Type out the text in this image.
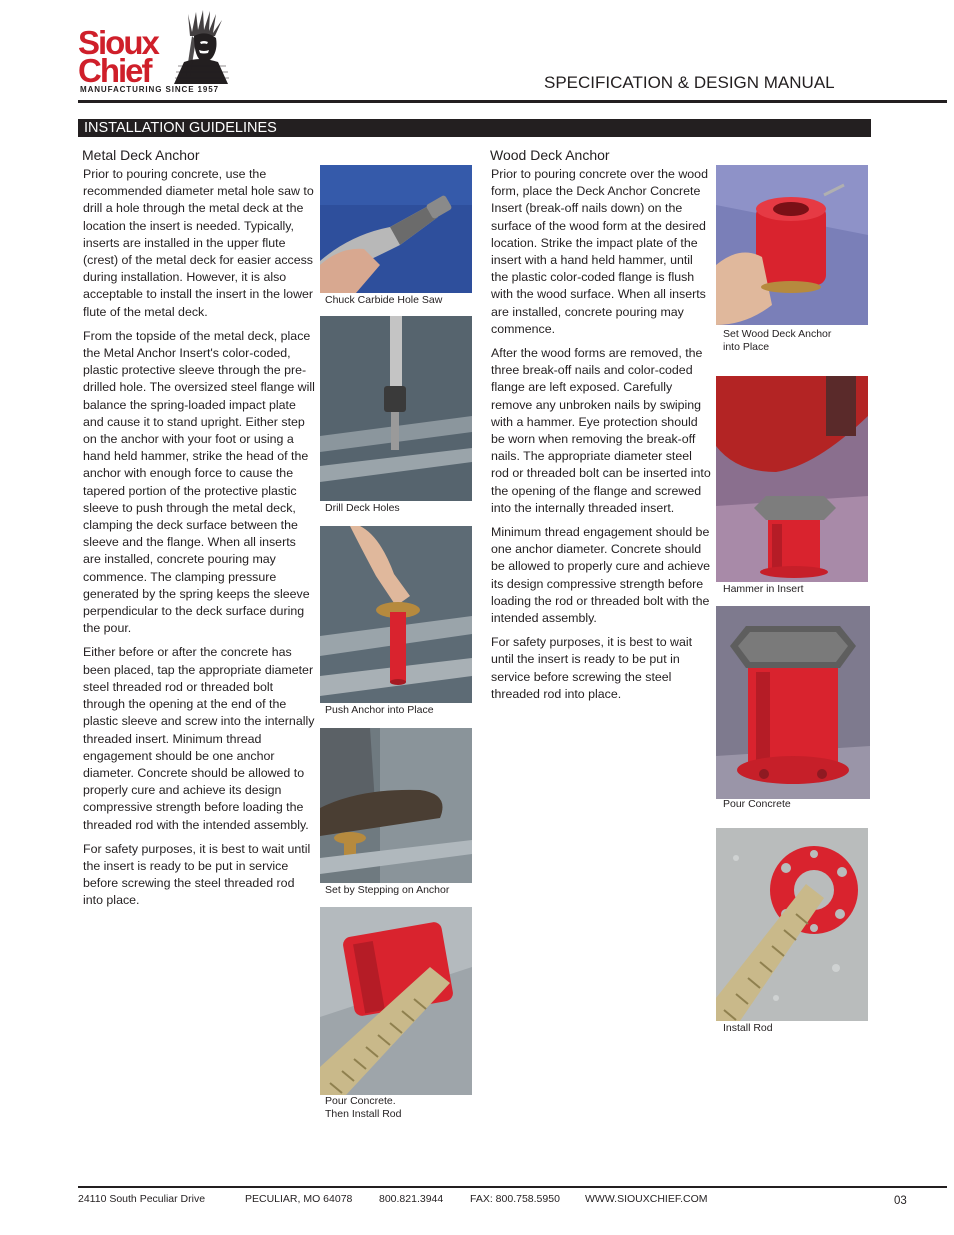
Sioux
Chief
MANUFACTURING SINCE 1957	SPECIFICATION & DESIGN MANUAL
INSTALLATION GUIDELINES
Metal Deck Anchor

Prior to pouring concrete, use the recommended diameter metal hole saw to drill a hole through the metal deck at the location the insert is needed. Typically, inserts are installed in the upper flute (crest) of the metal deck for easier access during installation. However, it is also acceptable to install the insert in the lower flute of the metal deck.

From the topside of the metal deck, place the Metal Anchor Insert's color-coded, plastic protective sleeve through the pre-drilled hole. The oversized steel flange will balance the spring-loaded impact plate and cause it to stand upright. Either step on the anchor with your foot or using a hand held hammer, strike the head of the anchor with enough force to cause the tapered portion of the protective plastic sleeve to push through the metal deck, clamping the deck surface between the sleeve and the flange. When all inserts are installed, concrete pouring may commence. The clamping pressure generated by the spring keeps the sleeve perpendicular to the deck surface during the pour.

Either before or after the concrete has been placed, tap the appropriate diameter steel threaded rod or threaded bolt through the opening at the end of the plastic sleeve and screw into the internally threaded insert. Minimum thread engagement should be one anchor diameter. Concrete should be allowed to properly cure and achieve its design compressive strength before loading the threaded rod with the intended assembly.

For safety purposes, it is best to wait until the insert is ready to be put in service before screwing the steel threaded rod into place.

Chuck Carbide Hole Saw
Drill Deck Holes
Push Anchor into Place
Set by Stepping on Anchor
Pour Concrete.
Then Install Rod
Wood Deck Anchor

Prior to pouring concrete over the wood form, place the Deck Anchor Concrete Insert (break-off nails down) on the surface of the wood form at the desired location. Strike the impact plate of the insert with a hand held hammer, until the plastic color-coded flange is flush with the wood surface. When all inserts are installed, concrete pouring may commence.

After the wood forms are removed, the three break-off nails and color-coded flange are left exposed. Carefully remove any unbroken nails by swiping with a hammer. Eye protection should be worn when removing the break-off nails. The appropriate diameter steel rod or threaded bolt can be inserted into the opening of the flange and screwed into the internally threaded insert.

Minimum thread engagement should be one anchor diameter. Concrete should be allowed to properly cure and achieve its design compressive strength before loading the rod or threaded bolt with the intended assembly.

For safety purposes, it is best to wait until the insert is ready to be put in service before screwing the steel threaded rod into place.

Set Wood Deck Anchor
into Place
Hammer in Insert
Pour Concrete
Install Rod
24110 South Peculiar Drive	PECULIAR, MO 64078	800.821.3944	FAX: 800.758.5950 WWW.SIOUXCHIEF.COM	03
